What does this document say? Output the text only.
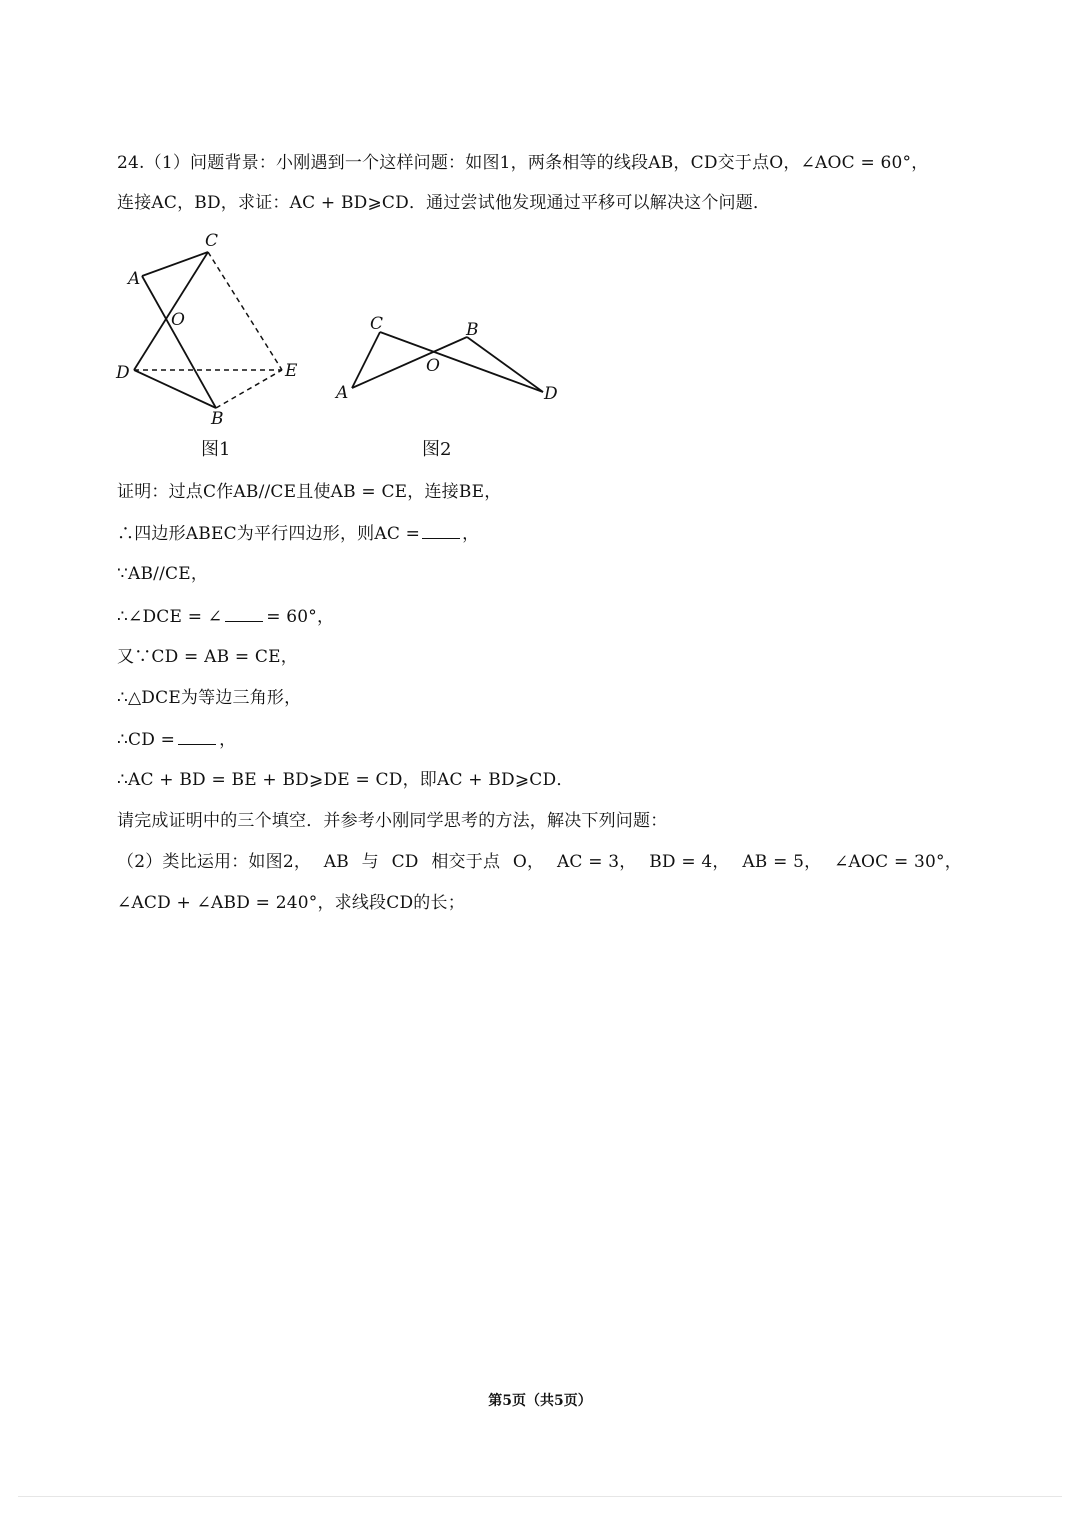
24.（1）问题背景：小刚遇到一个这样问题：如图1，两条相等的线段AB，CD交于点O，∠AOC = 60°，
连接AC，BD，求证：AC + BD⩾CD．通过尝试他发现通过平移可以解决这个问题．
C
A
O
D	E
B
C	B
O
A	D
图1	图2
证明：过点C作AB//CE且使AB = CE，连接BE，
∴四边形ABEC为平行四边形，则AC = ，
∵AB//CE，
∴∠DCE = ∠	= 60°，
又∵CD = AB = CE，
∴△DCE为等边三角形，
∴CD =	，
∴AC + BD = BE + BD⩾DE = CD，即AC + BD⩾CD．
请完成证明中的三个填空．并参考小刚同学思考的方法，解决下列问题：
（2）类比运用：如图2， AB 与 CD 相交于点 O， AC = 3， BD = 4， AB = 5， ∠AOC = 30°，
∠ACD + ∠ABD = 240°，求线段CD的长；
第5页（共5页）
